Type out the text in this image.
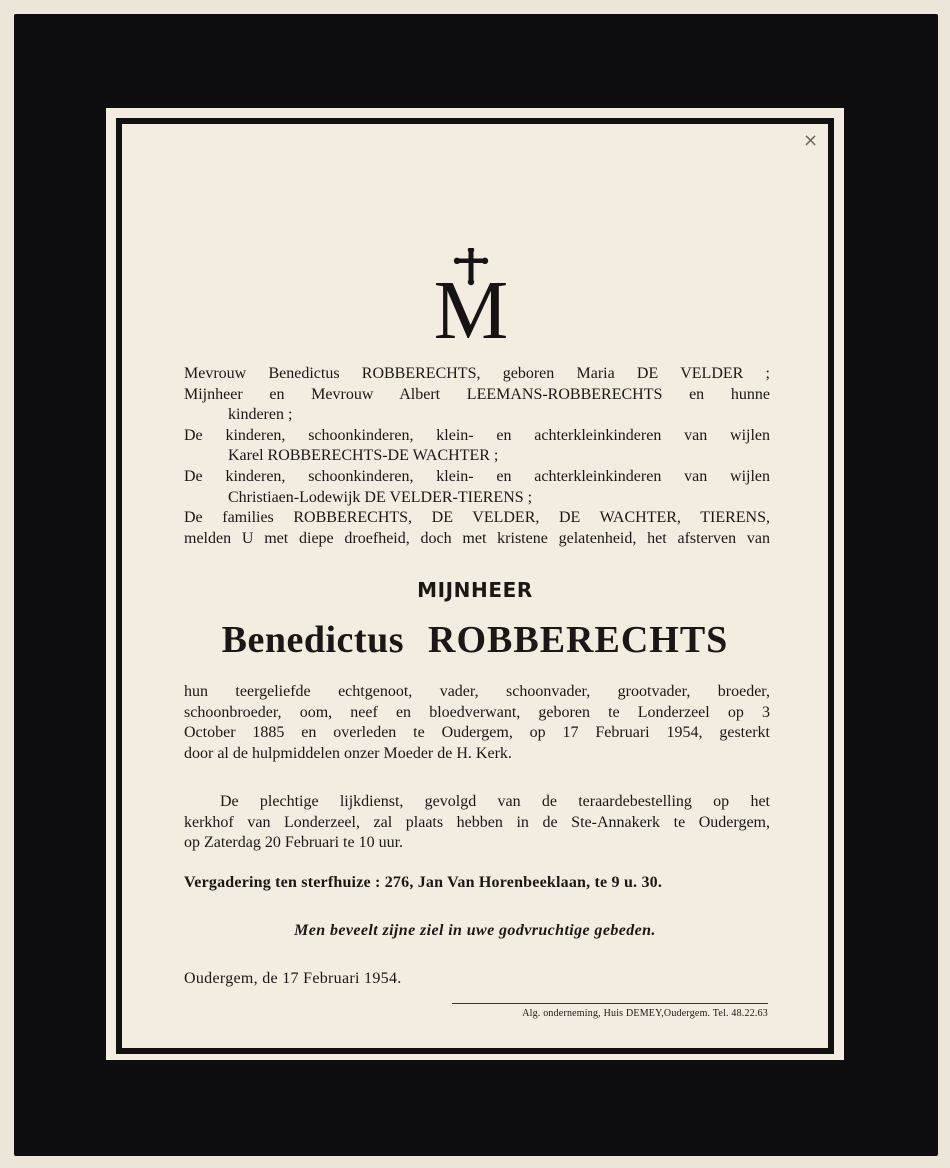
⨯
M
Mevrouw Benedictus ROBBERECHTS, geboren Maria DE VELDER ;
Mijnheer en Mevrouw Albert LEEMANS-ROBBERECHTS en hunne
kinderen ;
De kinderen, schoonkinderen, klein- en achterkleinkinderen van wijlen
Karel ROBBERECHTS-DE WACHTER ;
De kinderen, schoonkinderen, klein- en achterkleinkinderen van wijlen
Christiaen-Lodewijk DE VELDER-TIERENS ;
De families ROBBERECHTS, DE VELDER, DE WACHTER, TIERENS,
melden U met diepe droefheid, doch met kristene gelatenheid, het afsterven van
MIJNHEER
Benedictus ROBBERECHTS
hun teergeliefde echtgenoot, vader, schoonvader, grootvader, broeder,
schoonbroeder, oom, neef en bloedverwant, geboren te Londerzeel op 3
October 1885 en overleden te Oudergem, op 17 Februari 1954, gesterkt
door al de hulpmiddelen onzer Moeder de H. Kerk.
De plechtige lijkdienst, gevolgd van de teraardebestelling op het
kerkhof van Londerzeel, zal plaats hebben in de Ste-Annakerk te Oudergem,
op Zaterdag 20 Februari te 10 uur.
Vergadering ten sterfhuize : 276, Jan Van Horenbeeklaan, te 9 u. 30.
Men beveelt zijne ziel in uwe godvruchtige gebeden.
Oudergem, de 17 Februari 1954.
Alg. onderneming, Huis DEMEY,Oudergem. Tel. 48.22.63
